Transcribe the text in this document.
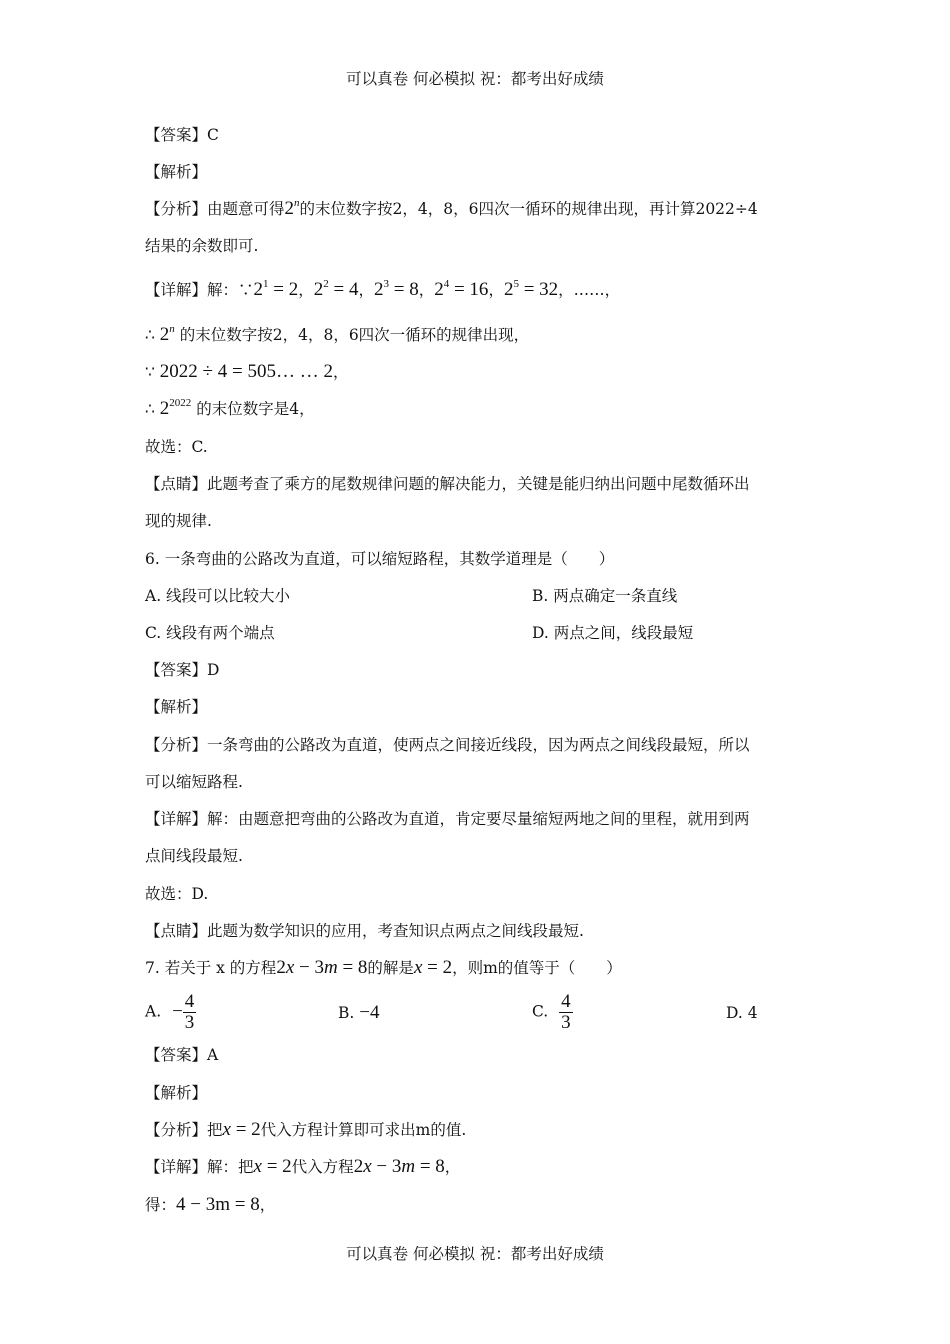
可以真卷 何必模拟 祝：都考出好成绩
【答案】C
【解析】
【分析】由题意可得2$^n$的末位数字按2，4，8，6四次一循环的规律出现，再计算2022÷4
结果的余数即可.
【详解】解：$\because 2^1 = 2$，$2^2 = 4$，$2^3 = 8$，$2^4 = 16$，$2^5 = 32$，……，
∴ 2$^n$ 的末位数字按2，4，8，6四次一循环的规律出现，
∵ 2022 ÷ 4 = 505… … 2，
∴ $2^{2022}$ 的末位数字是4，
故选：C.
【点睛】此题考查了乘方的尾数规律问题的解决能力，关键是能归纳出问题中尾数循环出
现的规律.
6. 一条弯曲的公路改为直道，可以缩短路程，其数学道理是（　　）
A. 线段可以比较大小	B. 两点确定一条直线
C. 线段有两个端点	D. 两点之间，线段最短
【答案】D
【解析】
【分析】一条弯曲的公路改为直道，使两点之间接近线段，因为两点之间线段最短，所以
可以缩短路程.
【详解】解：由题意把弯曲的公路改为直道，肯定要尽量缩短两地之间的里程，就用到两
点间线段最短.
故选：D.
【点睛】此题为数学知识的应用，考查知识点两点之间线段最短.
7. 若关于 x 的方程2x − 3m = 8的解是x = 2，则m的值等于（　　）
A. − $\frac{4}{3}$	B. −4	C. $\frac{4}{3}$	D. 4
【答案】A
【解析】
【分析】把x = 2代入方程计算即可求出m的值.
【详解】解：把x = 2代入方程2x − 3m = 8，
得：4 − 3m = 8，
可以真卷 何必模拟 祝：都考出好成绩
